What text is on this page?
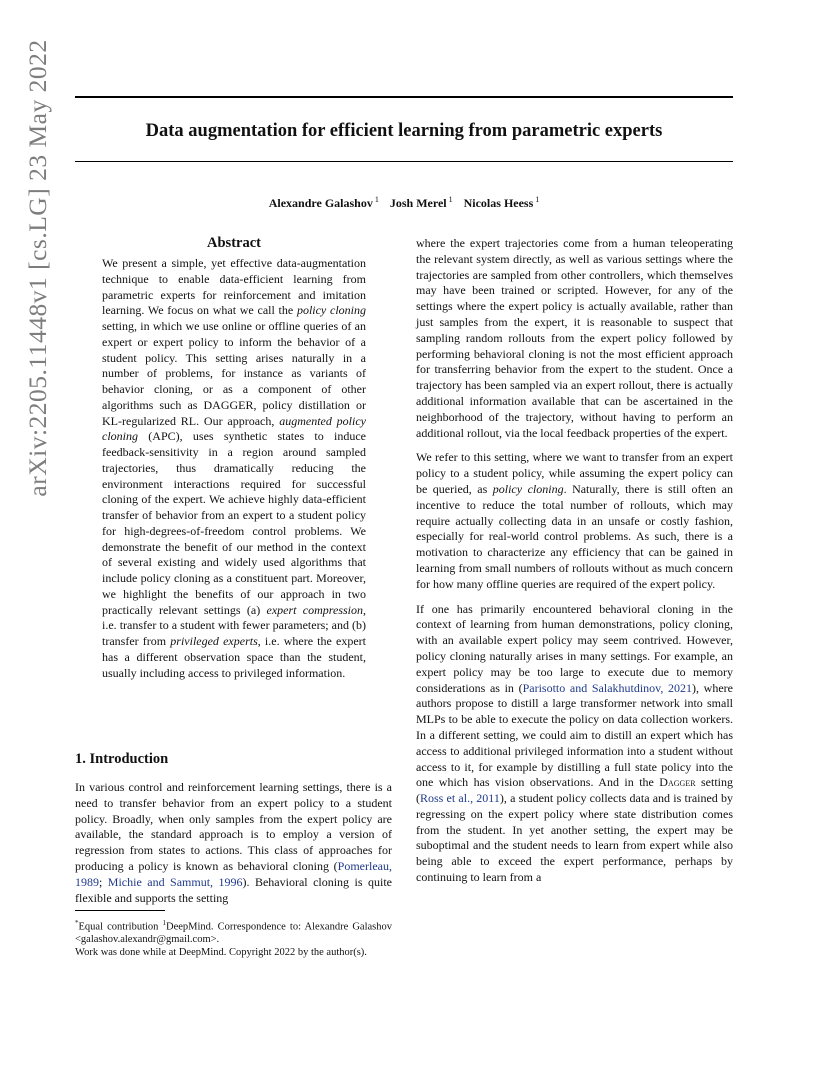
arXiv:2205.11448v1 [cs.LG] 23 May 2022	Data augmentation for efficient learning from parametric experts
Alexandre Galashov $^1$ Josh Merel $^1$ Nicolas Heess $^1$
Abstract

We present a simple, yet effective data-augmentation technique to enable data-efficient learning from parametric experts for reinforcement and imitation learning. We focus on what we call the policy cloning setting, in which we use online or offline queries of an expert or expert policy to inform the behavior of a student policy. This setting arises naturally in a number of problems, for instance as variants of behavior cloning, or as a component of other algorithms such as DAGGER, policy distillation or KL-regularized RL. Our approach, augmented policy cloning (APC), uses synthetic states to induce feedback-sensitivity in a region around sampled trajectories, thus dramatically reducing the environment interactions required for successful cloning of the expert. We achieve highly data-efficient transfer of behavior from an expert to a student policy for high-degrees-of-freedom control problems. We demonstrate the benefit of our method in the context of several existing and widely used algorithms that include policy cloning as a constituent part. Moreover, we highlight the benefits of our approach in two practically relevant settings (a) expert compression, i.e. transfer to a student with fewer parameters; and (b) transfer from privileged experts, i.e. where the expert has a different observation space than the student, usually including access to privileged information.

1. Introduction

In various control and reinforcement learning settings, there is a need to transfer behavior from an expert policy to a student policy. Broadly, when only samples from the expert policy are available, the standard approach is to employ a version of regression from states to actions. This class of approaches for producing a policy is known as behavioral cloning (Pomerleau, 1989; Michie and Sammut, 1996). Behavioral cloning is quite flexible and supports the setting

*Equal contribution $^1$DeepMind. Correspondence to: Alexandre Galashov <galashov.alexandr@gmail.com>.

Work was done while at DeepMind. Copyright 2022 by the author(s).

where the expert trajectories come from a human teleoperating the relevant system directly, as well as various settings where the trajectories are sampled from other controllers, which themselves may have been trained or scripted. However, for any of the settings where the expert policy is actually available, rather than just samples from the expert, it is reasonable to suspect that sampling random rollouts from the expert policy followed by performing behavioral cloning is not the most efficient approach for transferring behavior from the expert to the student. Once a trajectory has been sampled via an expert rollout, there is actually additional information available that can be ascertained in the neighborhood of the trajectory, without having to perform an additional rollout, via the local feedback properties of the expert.

We refer to this setting, where we want to transfer from an expert policy to a student policy, while assuming the expert policy can be queried, as policy cloning. Naturally, there is still often an incentive to reduce the total number of rollouts, which may require actually collecting data in an unsafe or costly fashion, especially for real-world control problems. As such, there is a motivation to characterize any efficiency that can be gained in learning from small numbers of rollouts without as much concern for how many offline queries are required of the expert policy.

If one has primarily encountered behavioral cloning in the context of learning from human demonstrations, policy cloning, with an available expert policy may seem contrived. However, policy cloning naturally arises in many settings. For example, an expert policy may be too large to execute due to memory considerations as in (Parisotto and Salakhutdinov, 2021), where authors propose to distill a large transformer network into small MLPs to be able to execute the policy on data collection workers. In a different setting, we could aim to distill an expert which has access to additional privileged information into a student without access to it, for example by distilling a full state policy into the one which has vision observations. And in the Dagger setting (Ross et al., 2011), a student policy collects data and is trained by regressing on the expert policy where state distribution comes from the student. In yet another setting, the expert may be suboptimal and the student needs to learn from expert while also being able to exceed the expert performance, perhaps by continuing to learn from a
